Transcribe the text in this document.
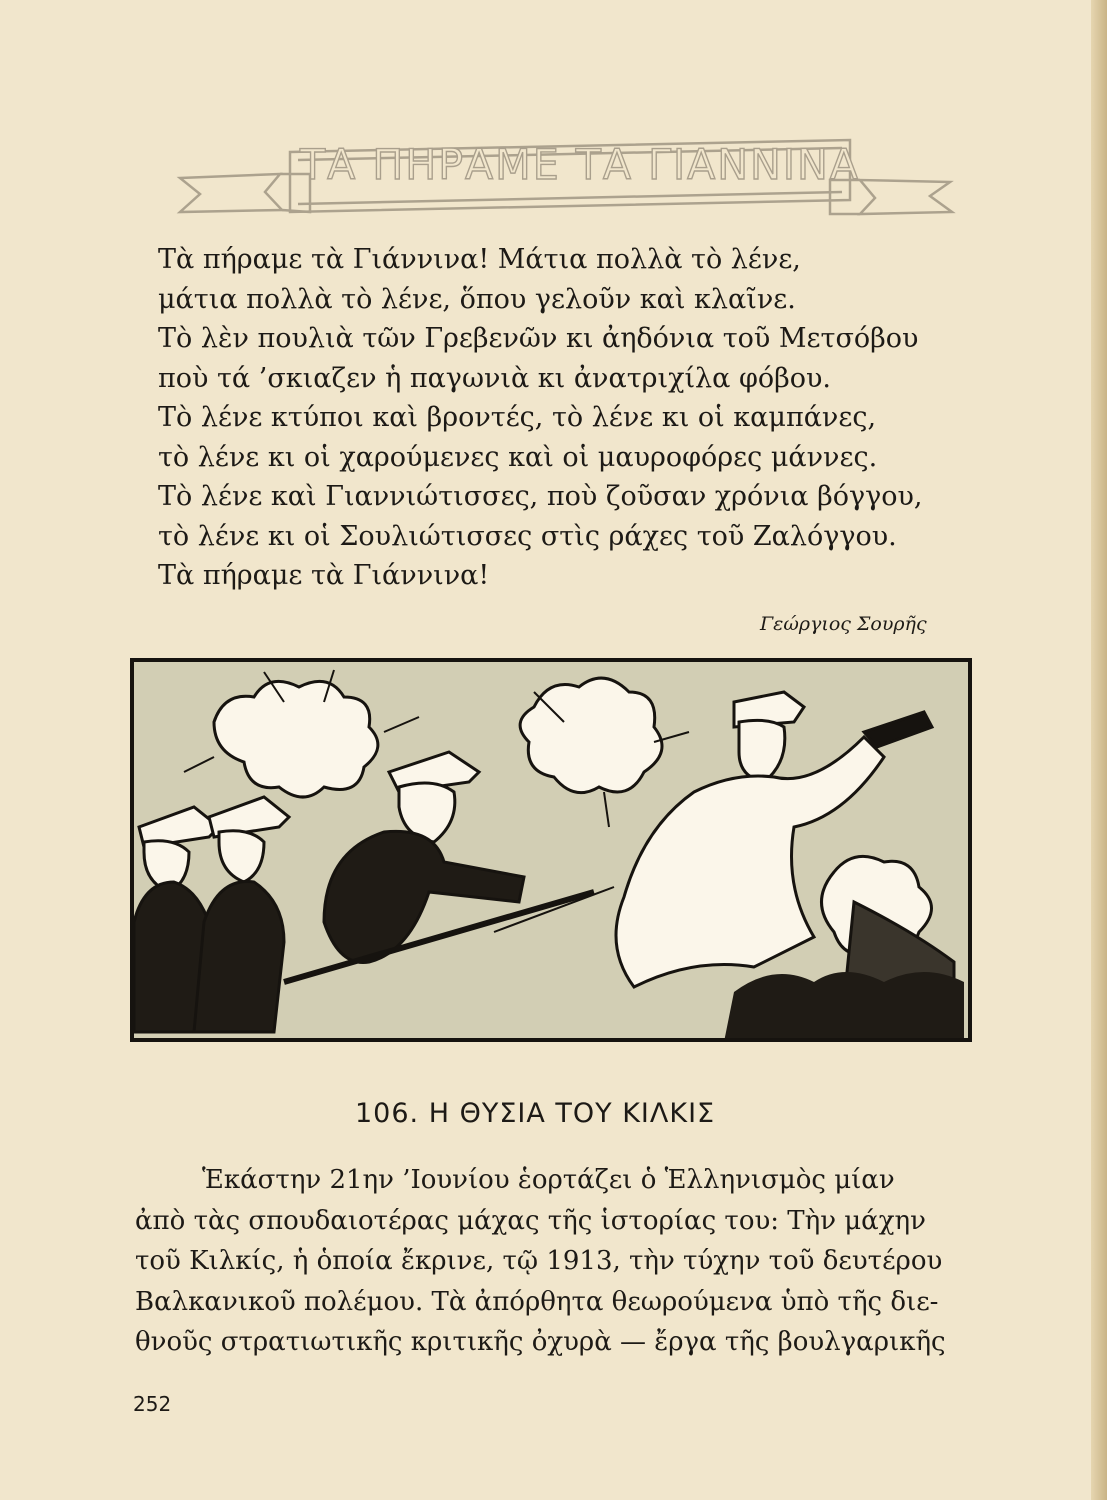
ΤΑ ΠΗΡΑΜΕ ΤΑ ΓΙΑΝΝΙΝΑ
Τὰ πήραμε τὰ Γιάννινα! Μάτια πολλὰ τὸ λένε,
μάτια πολλὰ τὸ λένε, ὅπου γελοῦν καὶ κλαῖνε.
Τὸ λὲν πουλιὰ τῶν Γρεβενῶν κι ἀηδόνια τοῦ Μετσόβου
ποὺ τά ’σκιαζεν ἡ παγωνιὰ κι ἀνατριχίλα φόβου.
Τὸ λένε κτύποι καὶ βροντές, τὸ λένε κι οἱ καμπάνες,
τὸ λένε κι οἱ χαρούμενες καὶ οἱ μαυροφόρες μάννες.
Τὸ λένε καὶ Γιαννιώτισσες, ποὺ ζοῦσαν χρόνια βόγγου,
τὸ λένε κι οἱ Σουλιώτισσες στὶς ράχες τοῦ Ζαλόγγου.
Τὰ πήραμε τὰ Γιάννινα!
Γεώργιος Σουρῆς
106. Η ΘΥΣΙΑ ΤΟΥ ΚΙΛΚΙΣ
Ἑκάστην 21ην ’Ιουνίου ἑορτάζει ὁ Ἑλληνισμὸς μίαν
ἀπὸ τὰς σπουδαιοτέρας μάχας τῆς ἱστορίας του: Τὴν μάχην
τοῦ Κιλκίς, ἡ ὁποία ἔκρινε, τῷ 1913, τὴν τύχην τοῦ δευτέρου
Βαλκανικοῦ πολέμου. Τὰ ἀπόρθητα θεωρούμενα ὑπὸ τῆς διε-
θνοῦς στρατιωτικῆς κριτικῆς ὀχυρὰ — ἔργα τῆς βουλγαρικῆς
252
